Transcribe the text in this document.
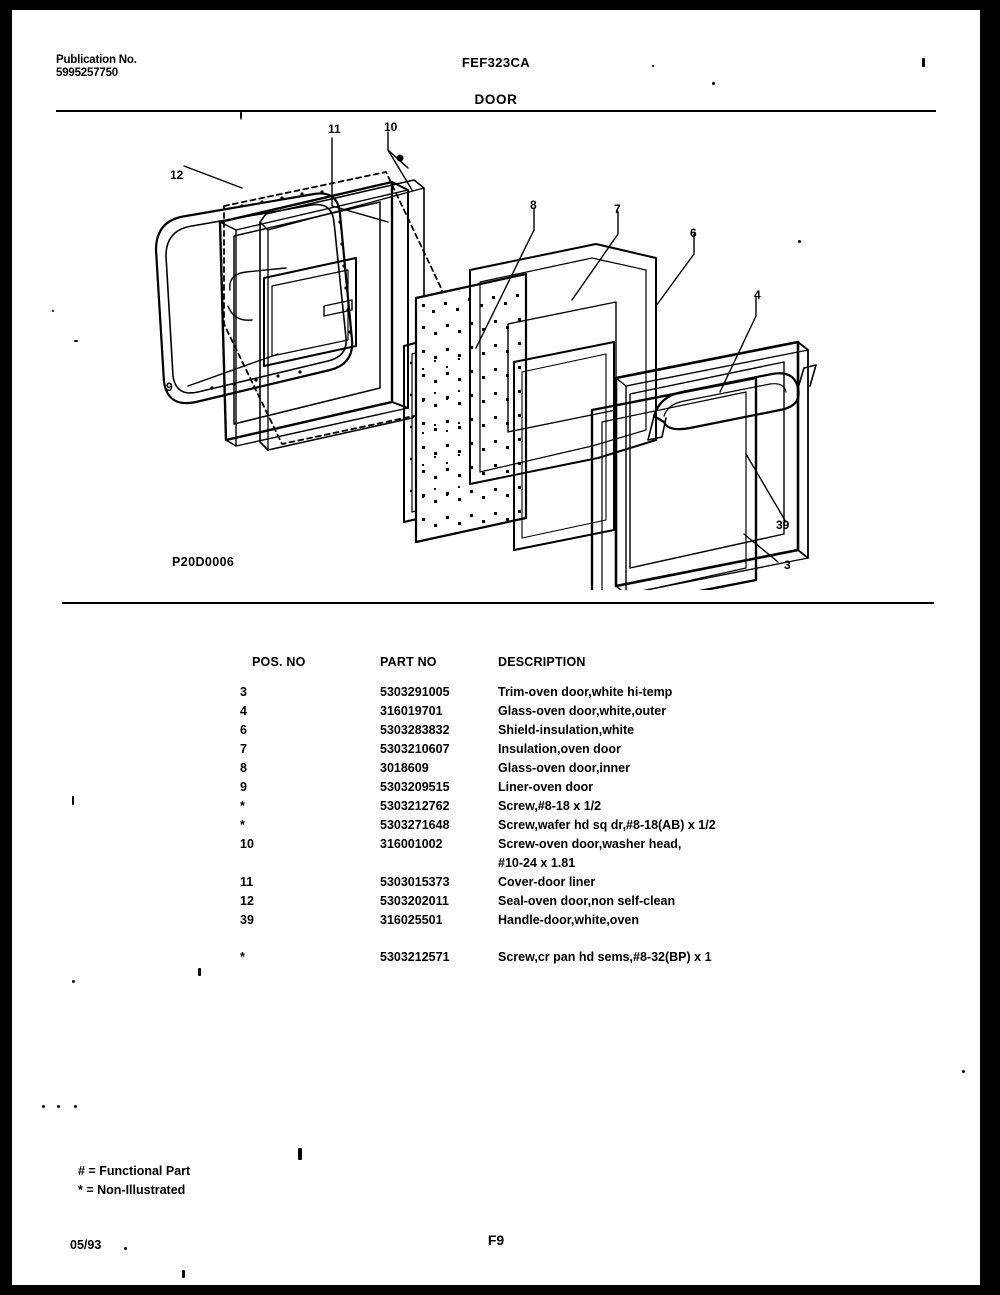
Publication No.
5995257750
FEF323CA
DOOR
12
11	10
9
8	7
6
4
3
39
P20D0006
POS. NO	PART NO	DESCRIPTION
3	5303291005	Trim-oven door,white hi-temp
4	316019701	Glass-oven door,white,outer
6	5303283832	Shield-insulation,white
7	5303210607	Insulation,oven door
8	3018609	Glass-oven door,inner
9	5303209515	Liner-oven door
*	5303212762	Screw,#8-18 x 1/2
*	5303271648	Screw,wafer hd sq dr,#8-18(AB) x 1/2
10	316001002	Screw-oven door,washer head,
#10-24 x 1.81
11	5303015373	Cover-door liner
12	5303202011	Seal-oven door,non self-clean
39	316025501	Handle-door,white,oven
*	5303212571	Screw,cr pan hd sems,#8-32(BP) x 1
# = Functional Part
* = Non-Illustrated
05/93	F9
